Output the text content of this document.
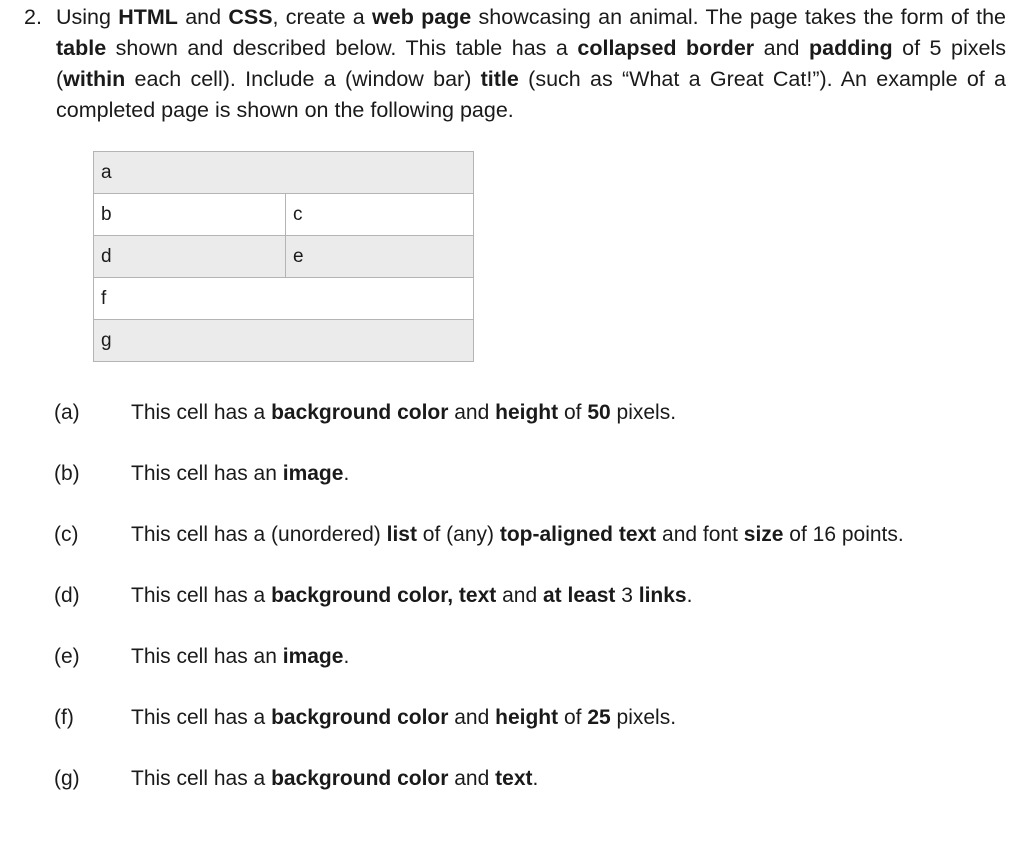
2. Using HTML and CSS, create a web page showcasing an animal. The page takes the form of the table shown and described below. This table has a collapsed border and padding of 5 pixels (within each cell). Include a (window bar) title (such as “What a Great Cat!”). An example of a completed page is shown on the following page.
a	
b	c
d	e
f	
g	
(a) This cell has a background color and height of 50 pixels.
(b) This cell has an image.
(c)	This cell has a (unordered) list of (any) top-aligned text and font size of 16 points.
(d) This cell has a background color, text and at least 3 links.
(e) This cell has an image.
(f)	This cell has a background color and height of 25 pixels.
(g) This cell has a background color and text.
